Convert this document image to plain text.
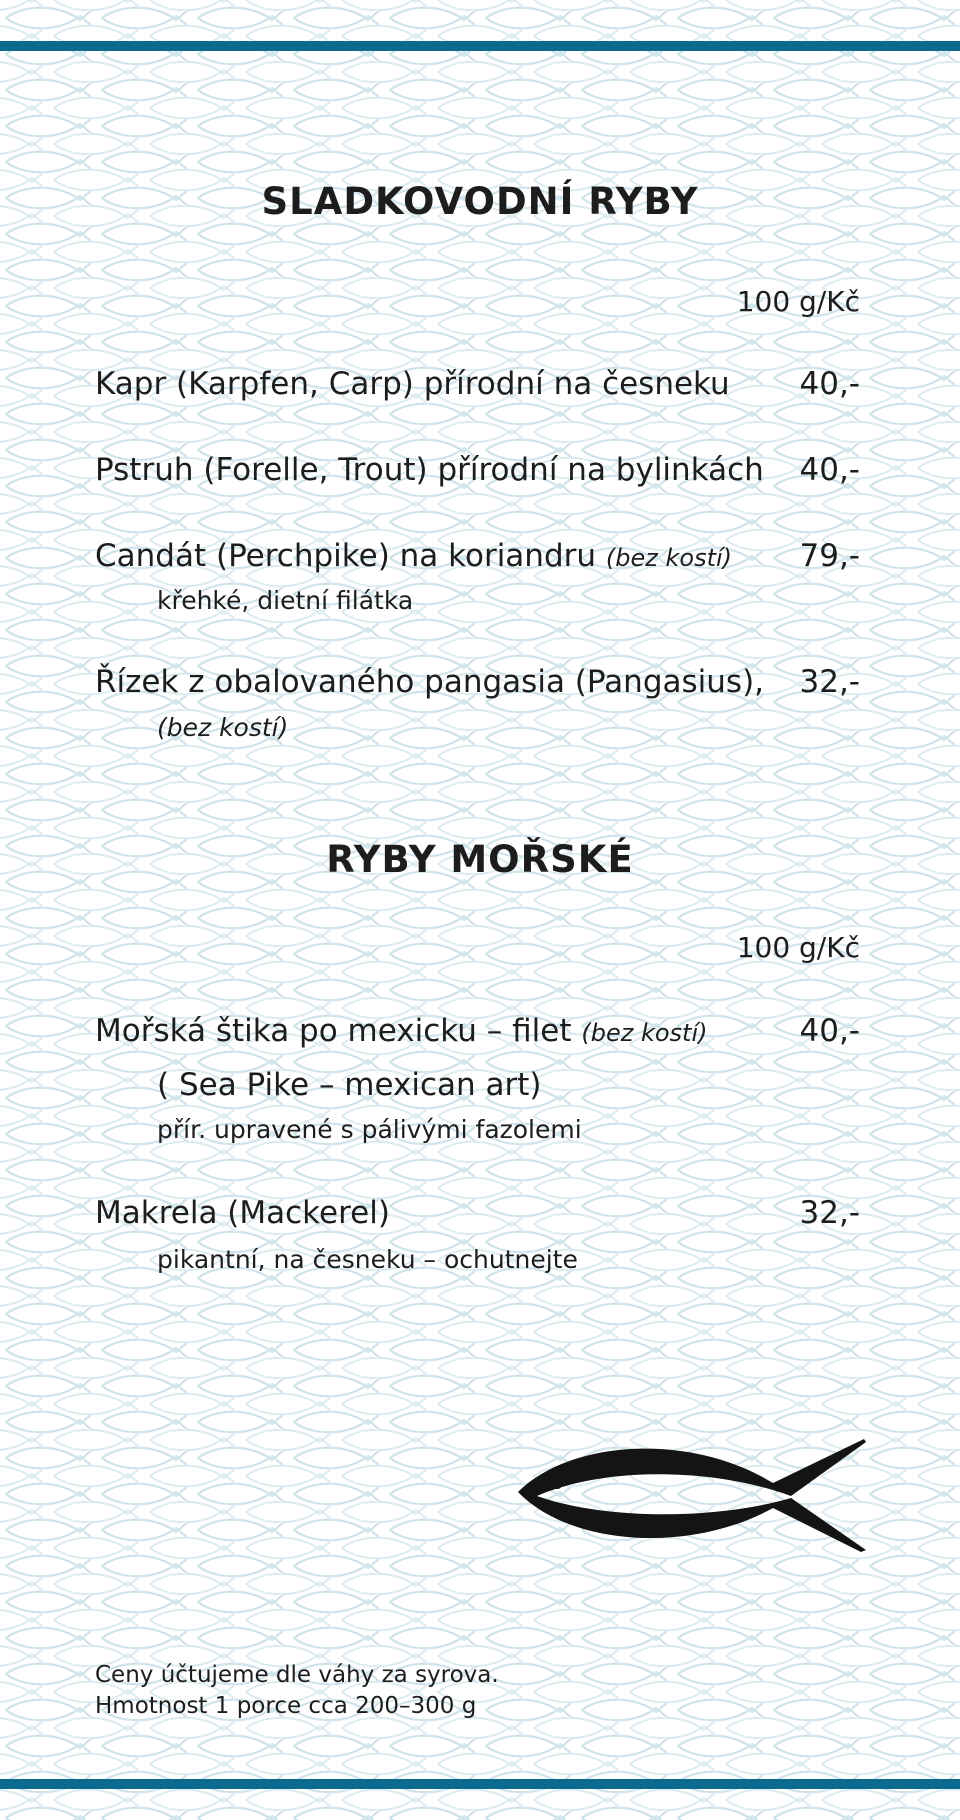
SLADKOVODNÍ RYBY
100 g/Kč
Kapr (Karpfen, Carp) přírodní na česneku 40,-
Pstruh (Forelle, Trout) přírodní na bylinkách 40,-
Candát (Perchpike) na koriandru (bez kostí) 79,-
křehké, dietní filátka
Řízek z obalovaného pangasia (Pangasius), 32,-
(bez kostí)
RYBY MOŘSKÉ
100 g/Kč
Mořská štika po mexicku – filet (bez kostí)	40,-
( Sea Pike – mexican art)
přír. upravené s pálivými fazolemi
Makrela (Mackerel)	32,-
pikantní, na česneku – ochutnejte
Ceny účtujeme dle váhy za syrova.
Hmotnost 1 porce cca 200–300 g
